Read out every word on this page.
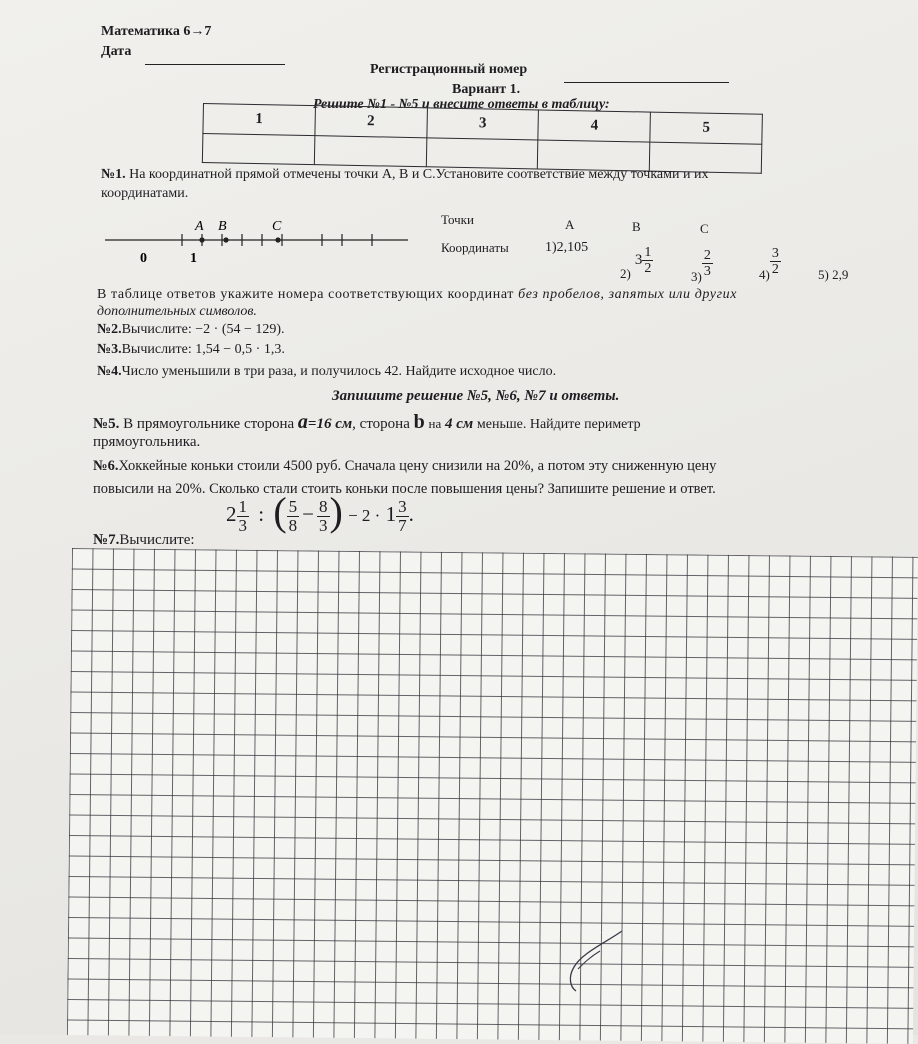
Математика 6→7
Дата
Регистрационный номер
Вариант 1.
Решите №1 - №5 и внесите ответы в таблицу:
1	2	3	4	5

№1. На координатной прямой отмечены точки A, B и C.Установите соответствие между точками и их
координатами.
A B	C
0	1
Точки	A	B	C
Координаты	1)2,105
$_{2)}$ $3 \frac{1}{2}$
$_{3)} \frac{2}{3}$	$_{4)} \frac{3}{2}$	5) 2,9
В таблице ответов укажите номера соответствующих координат без пробелов, запятых или других
дополнительных символов.
№2.Вычислите: −2 · (54 − 129).
№3.Вычислите: 1,54 − 0,5 · 1,3.
№4.Число уменьшили в три раза, и получилось 42. Найдите исходное число.
Запишите решение №5, №6, №7 и ответы.
№5. В прямоугольнике сторона a=16 см, сторона b на 4 см меньше. Найдите периметр
прямоугольника.
№6.Хоккейные коньки стоили 4500 руб. Сначала цену снизили на 20%, а потом эту сниженную цену
повысили на 20%. Сколько стали стоить коньки после повышения цены? Запишите решение и ответ.
№7.Вычислите:
$2 \frac{1}{3}$ : ( $\frac{5}{8} - \frac{8}{3}$ ) − $2 \cdot 1 \frac{3}{7}$ .
